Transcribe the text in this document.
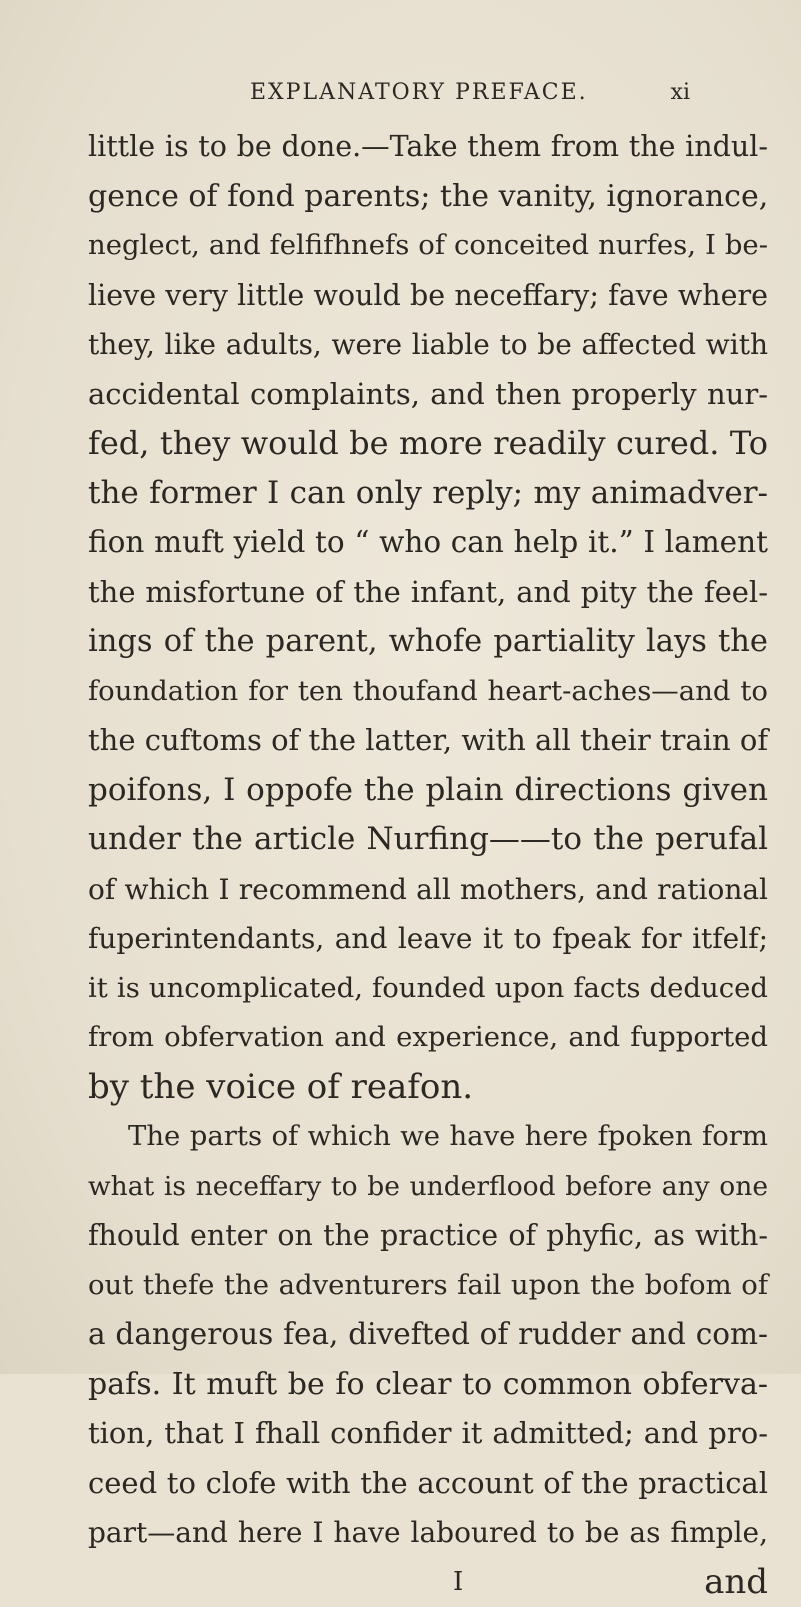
EXPLANATORY PREFACE.	xi
little is to be done.—Take them from the indul-
gence of fond parents; the vanity, ignorance,
neglect, and felfifhnefs of conceited nurfes, I be-
lieve very little would be neceffary; fave where
they, like adults, were liable to be affected with
accidental complaints, and then properly nur-
fed, they would be more readily cured. To
the former I can only reply; my animadver-
fion muft yield to “ who can help it.” I lament
the misfortune of the infant, and pity the feel-
ings of the parent, whofe partiality lays the
foundation for ten thoufand heart-aches—and to
the cuftoms of the latter, with all their train of
poifons, I oppofe the plain directions given
under the article Nurfing——to the perufal
of which I recommend all mothers, and rational
fuperintendants, and leave it to fpeak for itfelf;
it is uncomplicated, founded upon facts deduced
from obfervation and experience, and fupported
by the voice of reafon.
The parts of which we have here fpoken form
what is neceffary to be underflood before any one
fhould enter on the practice of phyfic, as with-
out thefe the adventurers fail upon the bofom of
a dangerous fea, divefted of rudder and com-
pafs. It muft be fo clear to common obferva-
tion, that I fhall confider it admitted; and pro-
ceed to clofe with the account of the practical
part—and here I have laboured to be as fimple,
I	and
